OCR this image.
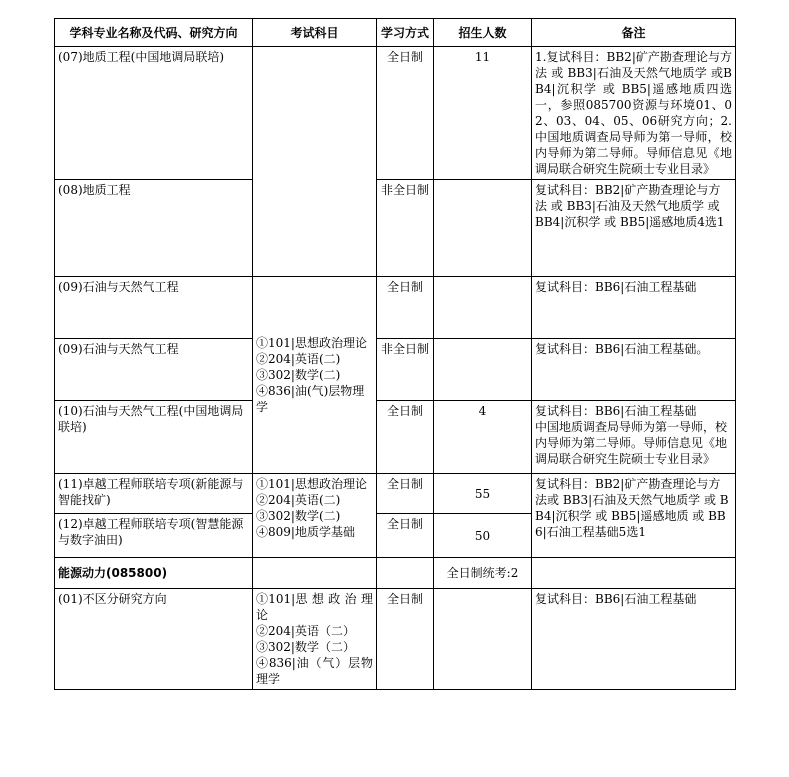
学科专业名称及代码、研究方向	考试科目	学习方式	招生人数	备注
(07)地质工程(中国地调局联培)		全日制	11	1.复试科目：BB2|矿产勘查理论与方法 或 BB3|石油及天然气地质学 或BB4|沉积学 或 BB5|遥感地质四选一，参照085700资源与环境01、02、03、04、05、06研究方向；2.中国地质调查局导师为第一导师，校内导师为第二导师。导师信息见《地调局联合研究生院硕士专业目录》
(08)地质工程		非全日制		复试科目：BB2|矿产勘查理论与方法 或 BB3|石油及天然气地质学 或 BB4|沉积学 或 BB5|遥感地质4选1
(09)石油与天然气工程	①101|思想政治理论
②204|英语(二)
③302|数学(二)
④836|油(气)层物理学	全日制		复试科目：BB6|石油工程基础
(09)石油与天然气工程		非全日制		复试科目：BB6|石油工程基础。
(10)石油与天然气工程(中国地调局联培)		全日制	4	复试科目：BB6|石油工程基础
中国地质调查局导师为第一导师，校内导师为第二导师。导师信息见《地调局联合研究生院硕士专业目录》
(11)卓越工程师联培专项(新能源与智能找矿)	①101|思想政治理论
②204|英语(二)
③302|数学(二)
④809|地质学基础	全日制	55	复试科目：BB2|矿产勘查理论与方法或 BB3|石油及天然气地质学 或 BB4|沉积学 或 BB5|遥感地质 或 BB6|石油工程基础5选1
(12)卓越工程师联培专项(智慧能源与数字油田)		全日制	50	
能源动力(085800)			全日制统考:2	
(01)不区分研究方向	①101|思 想 政 治 理 论
②204|英语（二）
③302|数学（二）
④836|油（气）层物理学	全日制		复试科目：BB6|石油工程基础
